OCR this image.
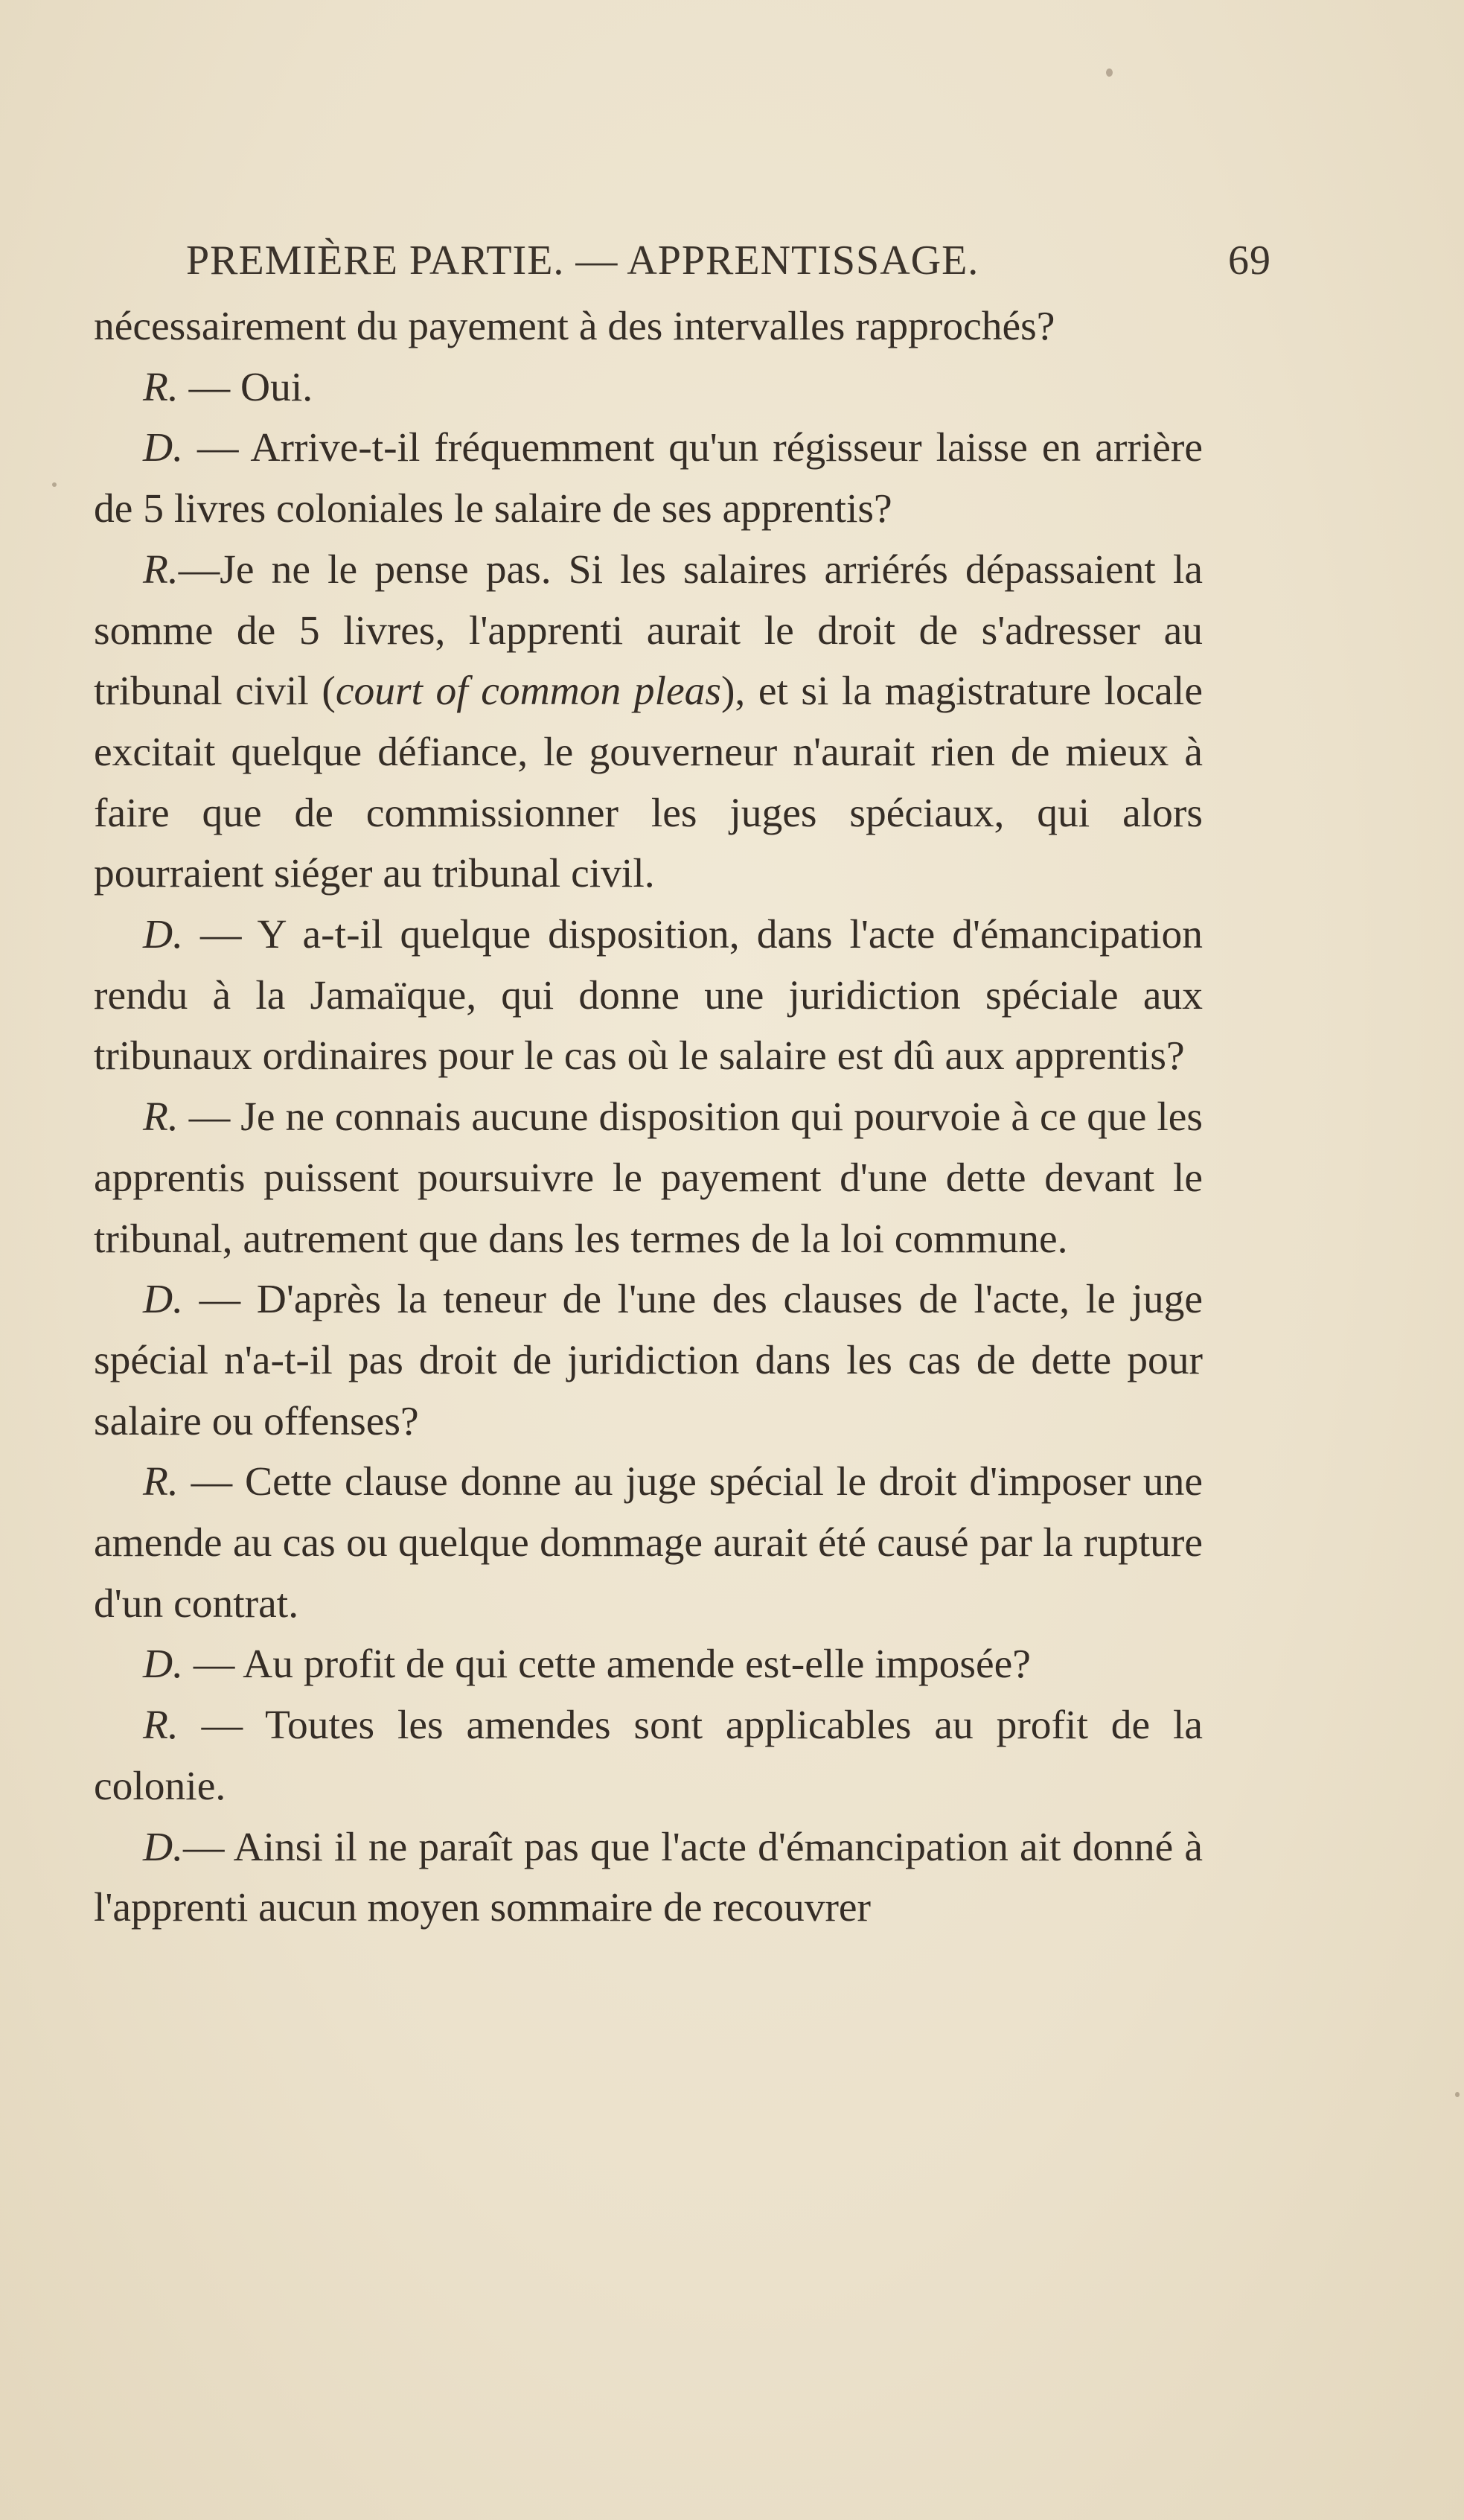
PREMIÈRE PARTIE. — APPRENTISSAGE.	69

nécessairement du payement à des intervalles rapprochés?

R. — Oui.

D. — Arrive-t-il fréquemment qu'un régisseur laisse en arrière de 5 livres coloniales le salaire de ses apprentis?

R.—Je ne le pense pas. Si les salaires arriérés dépassaient la somme de 5 livres, l'apprenti aurait le droit de s'adresser au tribunal civil (court of common pleas), et si la magistrature locale excitait quelque défiance, le gouverneur n'aurait rien de mieux à faire que de commissionner les juges spéciaux, qui alors pourraient siéger au tribunal civil.

D. — Y a-t-il quelque disposition, dans l'acte d'émancipation rendu à la Jamaïque, qui donne une juridiction spéciale aux tribunaux ordinaires pour le cas où le salaire est dû aux apprentis?

R. — Je ne connais aucune disposition qui pourvoie à ce que les apprentis puissent poursuivre le payement d'une dette devant le tribunal, autrement que dans les termes de la loi commune.

D. — D'après la teneur de l'une des clauses de l'acte, le juge spécial n'a-t-il pas droit de juridiction dans les cas de dette pour salaire ou offenses?

R. — Cette clause donne au juge spécial le droit d'imposer une amende au cas ou quelque dommage aurait été causé par la rupture d'un contrat.

D. — Au profit de qui cette amende est-elle imposée?

R. — Toutes les amendes sont applicables au profit de la colonie.

D.— Ainsi il ne paraît pas que l'acte d'émancipation ait donné à l'apprenti aucun moyen sommaire de recouvrer
